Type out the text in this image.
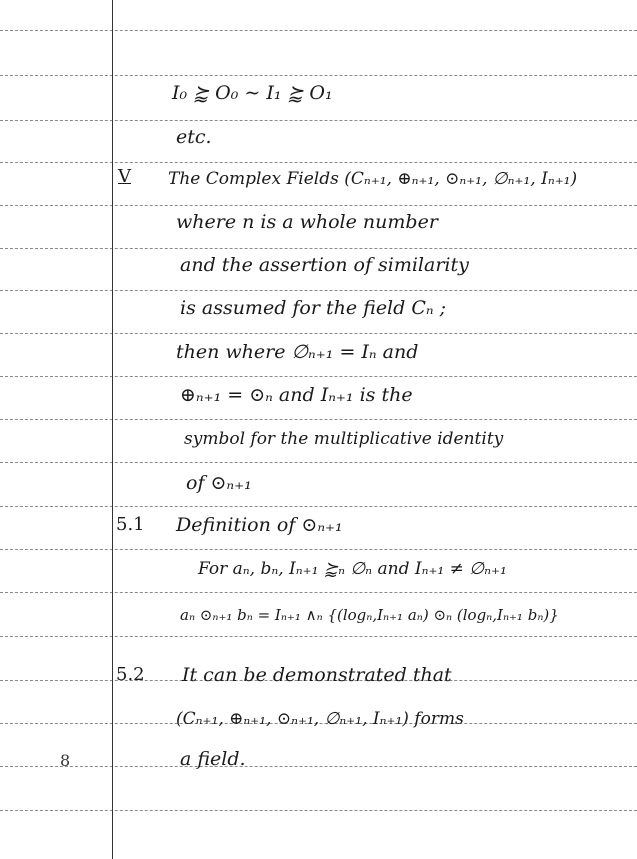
I₀ ⪸ O₀ ∼ I₁ ⪸ O₁
etc.
V The Complex Fields (Cₙ₊₁, ⊕ₙ₊₁, ⊙ₙ₊₁, ∅ₙ₊₁, Iₙ₊₁)
where n is a whole number
and the assertion of similarity
is assumed for the field Cₙ ;
then where ∅ₙ₊₁ = Iₙ and
⊕ₙ₊₁ = ⊙ₙ and Iₙ₊₁ is the
symbol for the multiplicative identity
of ⊙ₙ₊₁
5.1 Definition of ⊙ₙ₊₁
For aₙ, bₙ, Iₙ₊₁ ⪸ₙ ∅ₙ and Iₙ₊₁ ≠ ∅ₙ₊₁
aₙ ⊙ₙ₊₁ bₙ = Iₙ₊₁ ∧ₙ {(logₙ,Iₙ₊₁ aₙ) ⊙ₙ (logₙ,Iₙ₊₁ bₙ)}
5.2 It can be demonstrated that
(Cₙ₊₁, ⊕ₙ₊₁, ⊙ₙ₊₁, ∅ₙ₊₁, Iₙ₊₁) forms
a field.
8
